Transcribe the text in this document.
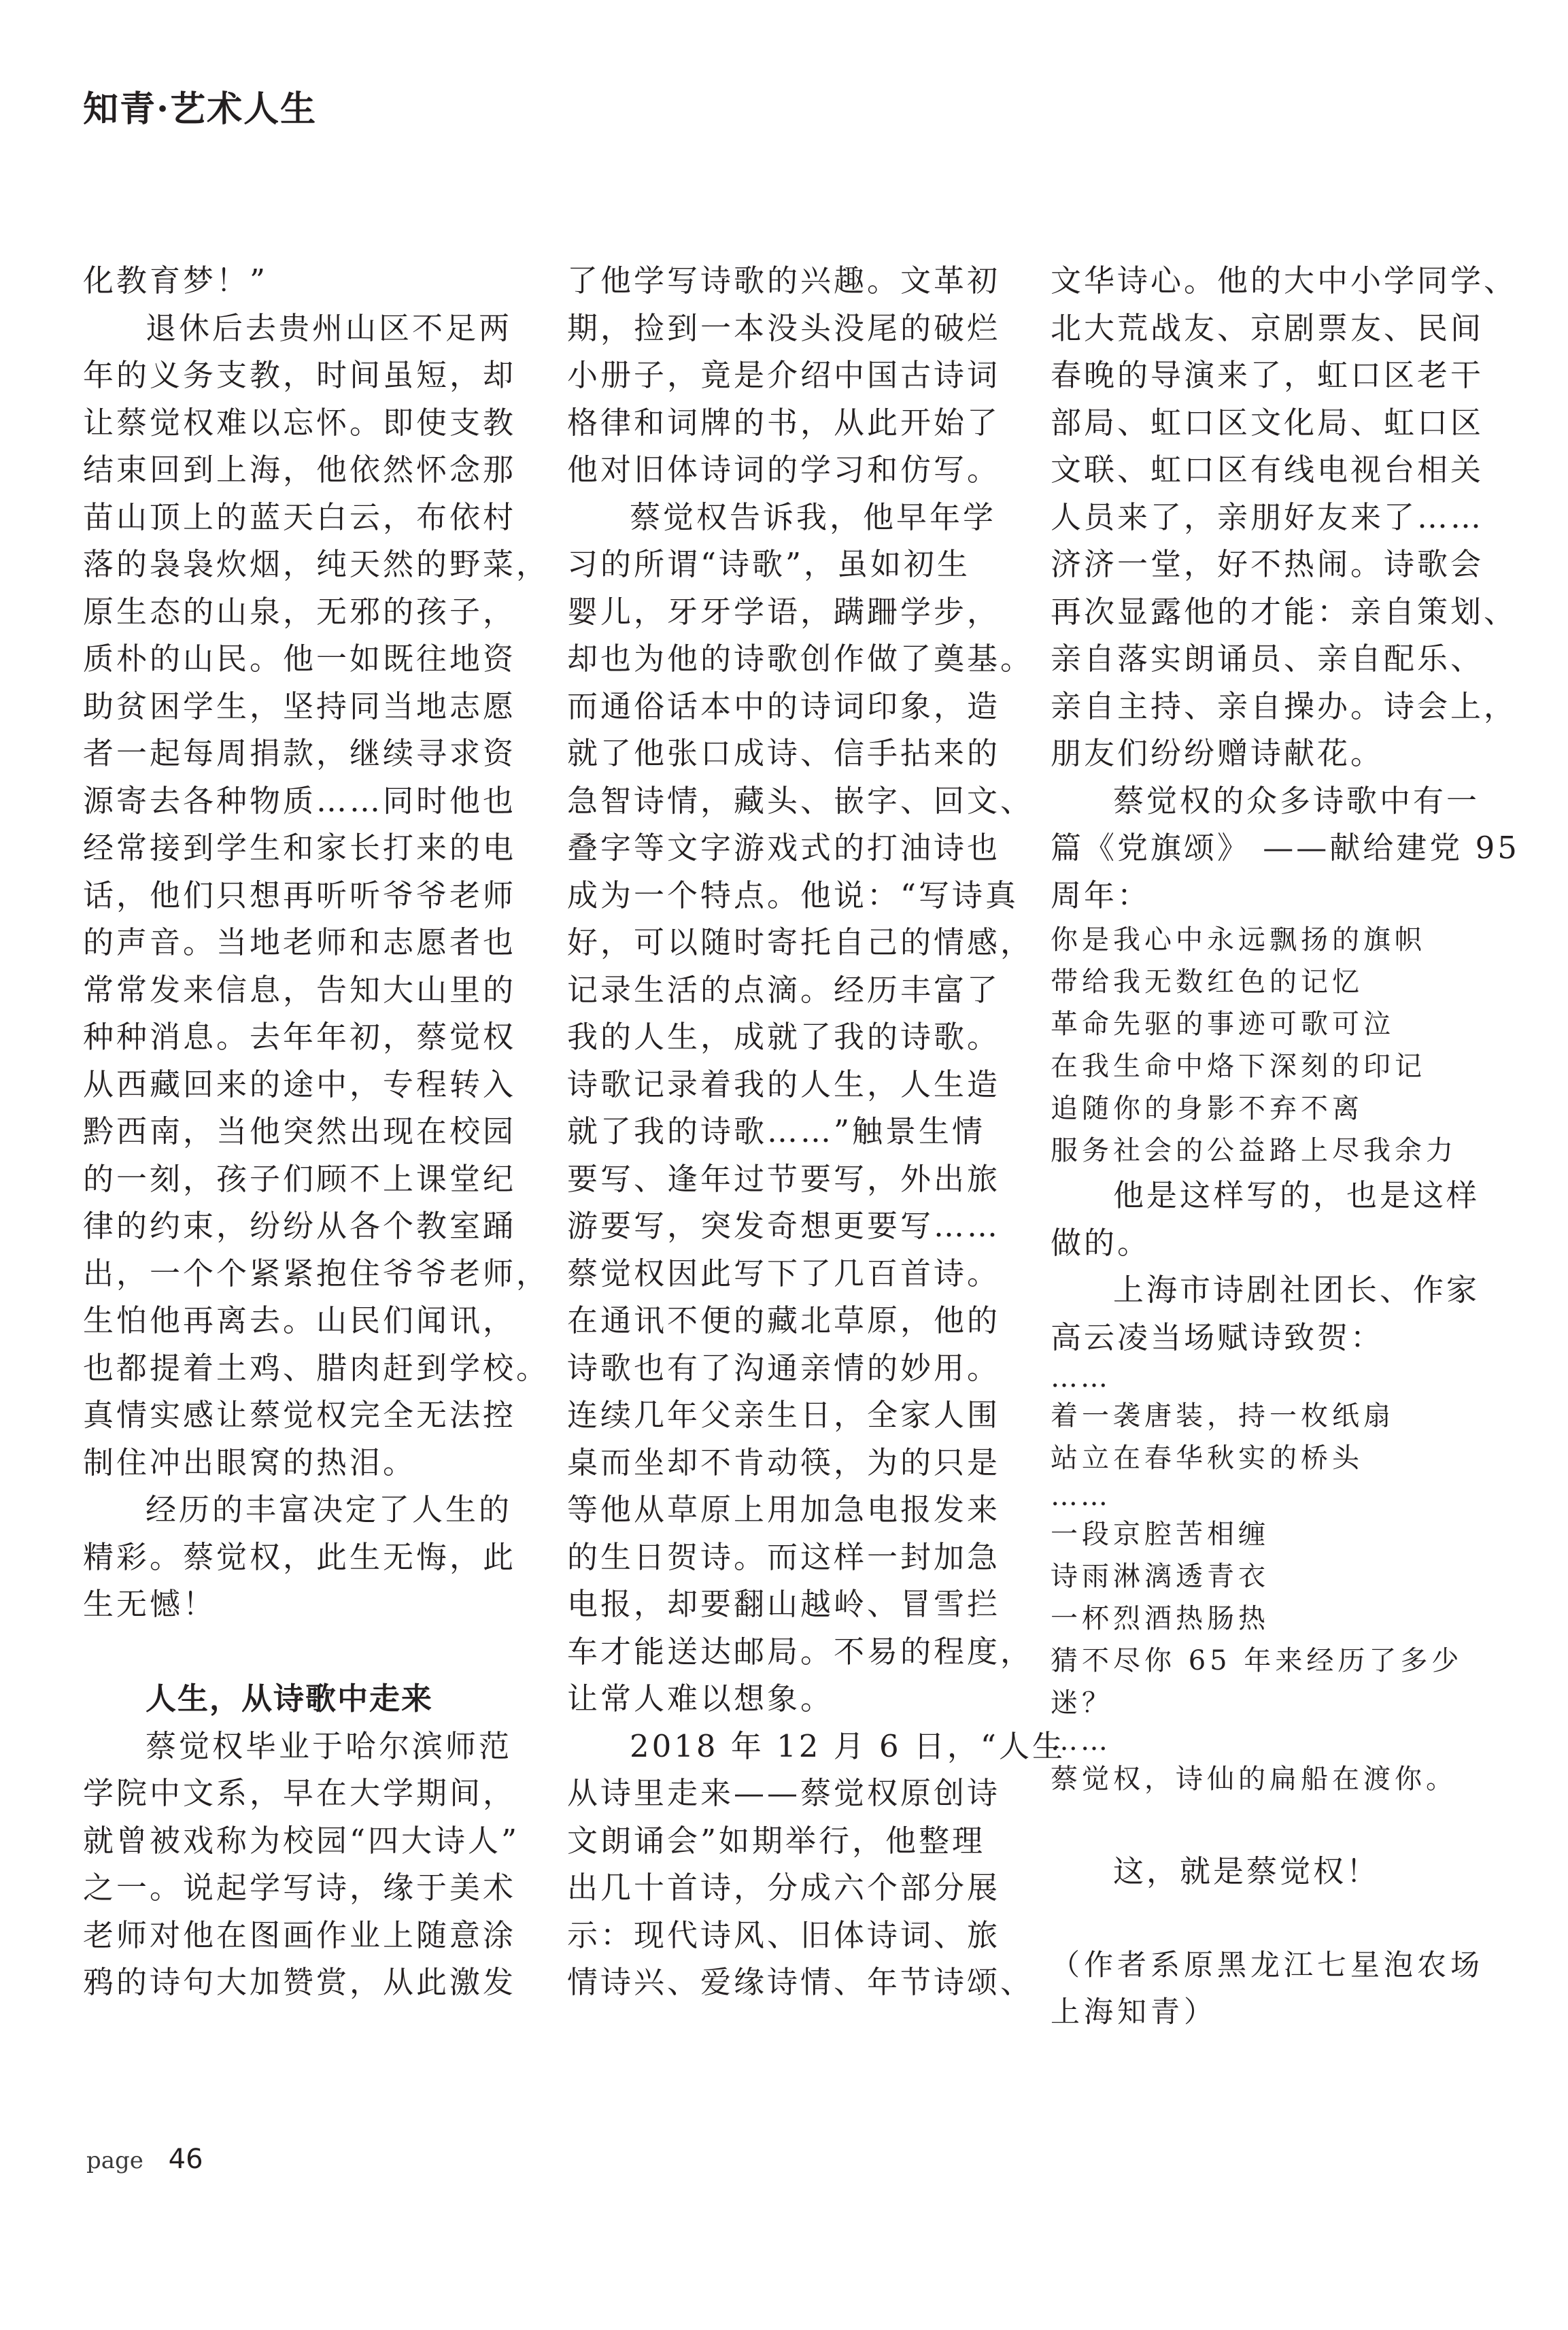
知青·艺术人生
化教育梦！”
退休后去贵州山区不足两
年的义务支教，时间虽短，却
让蔡觉权难以忘怀。即使支教
结束回到上海，他依然怀念那
苗山顶上的蓝天白云，布依村
落的袅袅炊烟，纯天然的野菜，
原生态的山泉，无邪的孩子，
质朴的山民。他一如既往地资
助贫困学生，坚持同当地志愿
者一起每周捐款，继续寻求资
源寄去各种物质……同时他也
经常接到学生和家长打来的电
话，他们只想再听听爷爷老师
的声音。当地老师和志愿者也
常常发来信息，告知大山里的
种种消息。去年年初，蔡觉权
从西藏回来的途中，专程转入
黔西南，当他突然出现在校园
的一刻，孩子们顾不上课堂纪
律的约束，纷纷从各个教室踊
出，一个个紧紧抱住爷爷老师，
生怕他再离去。山民们闻讯，
也都提着土鸡、腊肉赶到学校。
真情实感让蔡觉权完全无法控
制住冲出眼窝的热泪。
经历的丰富决定了人生的
精彩。蔡觉权，此生无悔，此
生无憾！
人生，从诗歌中走来
蔡觉权毕业于哈尔滨师范
学院中文系，早在大学期间，
就曾被戏称为校园“四大诗人”
之一。说起学写诗，缘于美术
老师对他在图画作业上随意涂
鸦的诗句大加赞赏，从此激发
了他学写诗歌的兴趣。文革初
期，捡到一本没头没尾的破烂
小册子，竟是介绍中国古诗词
格律和词牌的书，从此开始了
他对旧体诗词的学习和仿写。
蔡觉权告诉我，他早年学
习的所谓“诗歌”，虽如初生
婴儿，牙牙学语，蹒跚学步，
却也为他的诗歌创作做了奠基。
而通俗话本中的诗词印象，造
就了他张口成诗、信手拈来的
急智诗情，藏头、嵌字、回文、
叠字等文字游戏式的打油诗也
成为一个特点。他说：“写诗真
好，可以随时寄托自己的情感，
记录生活的点滴。经历丰富了
我的人生，成就了我的诗歌。
诗歌记录着我的人生，人生造
就了我的诗歌……”触景生情
要写、逢年过节要写，外出旅
游要写，突发奇想更要写……
蔡觉权因此写下了几百首诗。
在通讯不便的藏北草原，他的
诗歌也有了沟通亲情的妙用。
连续几年父亲生日，全家人围
桌而坐却不肯动筷，为的只是
等他从草原上用加急电报发来
的生日贺诗。而这样一封加急
电报，却要翻山越岭、冒雪拦
车才能送达邮局。不易的程度，
让常人难以想象。
2018 年 12 月 6 日，“人生
从诗里走来——蔡觉权原创诗
文朗诵会”如期举行，他整理
出几十首诗，分成六个部分展
示：现代诗风、旧体诗词、旅
情诗兴、爱缘诗情、年节诗颂、
文华诗心。他的大中小学同学、
北大荒战友、京剧票友、民间
春晚的导演来了，虹口区老干
部局、虹口区文化局、虹口区
文联、虹口区有线电视台相关
人员来了，亲朋好友来了……
济济一堂，好不热闹。诗歌会
再次显露他的才能：亲自策划、
亲自落实朗诵员、亲自配乐、
亲自主持、亲自操办。诗会上，
朋友们纷纷赠诗献花。
蔡觉权的众多诗歌中有一
篇《党旗颂》 ——献给建党 95
周年：
你是我心中永远飘扬的旗帜
带给我无数红色的记忆
革命先驱的事迹可歌可泣
在我生命中烙下深刻的印记
追随你的身影不弃不离
服务社会的公益路上尽我余力
他是这样写的，也是这样
做的。
上海市诗剧社团长、作家
高云凌当场赋诗致贺：
……
着一袭唐装，持一枚纸扇
站立在春华秋实的桥头
……
一段京腔苦相缠
诗雨淋漓透青衣
一杯烈酒热肠热
猜不尽你 65 年来经历了多少
迷？
……
蔡觉权，诗仙的扁船在渡你。
这，就是蔡觉权！
（作者系原黑龙江七星泡农场
上海知青）
page 46
